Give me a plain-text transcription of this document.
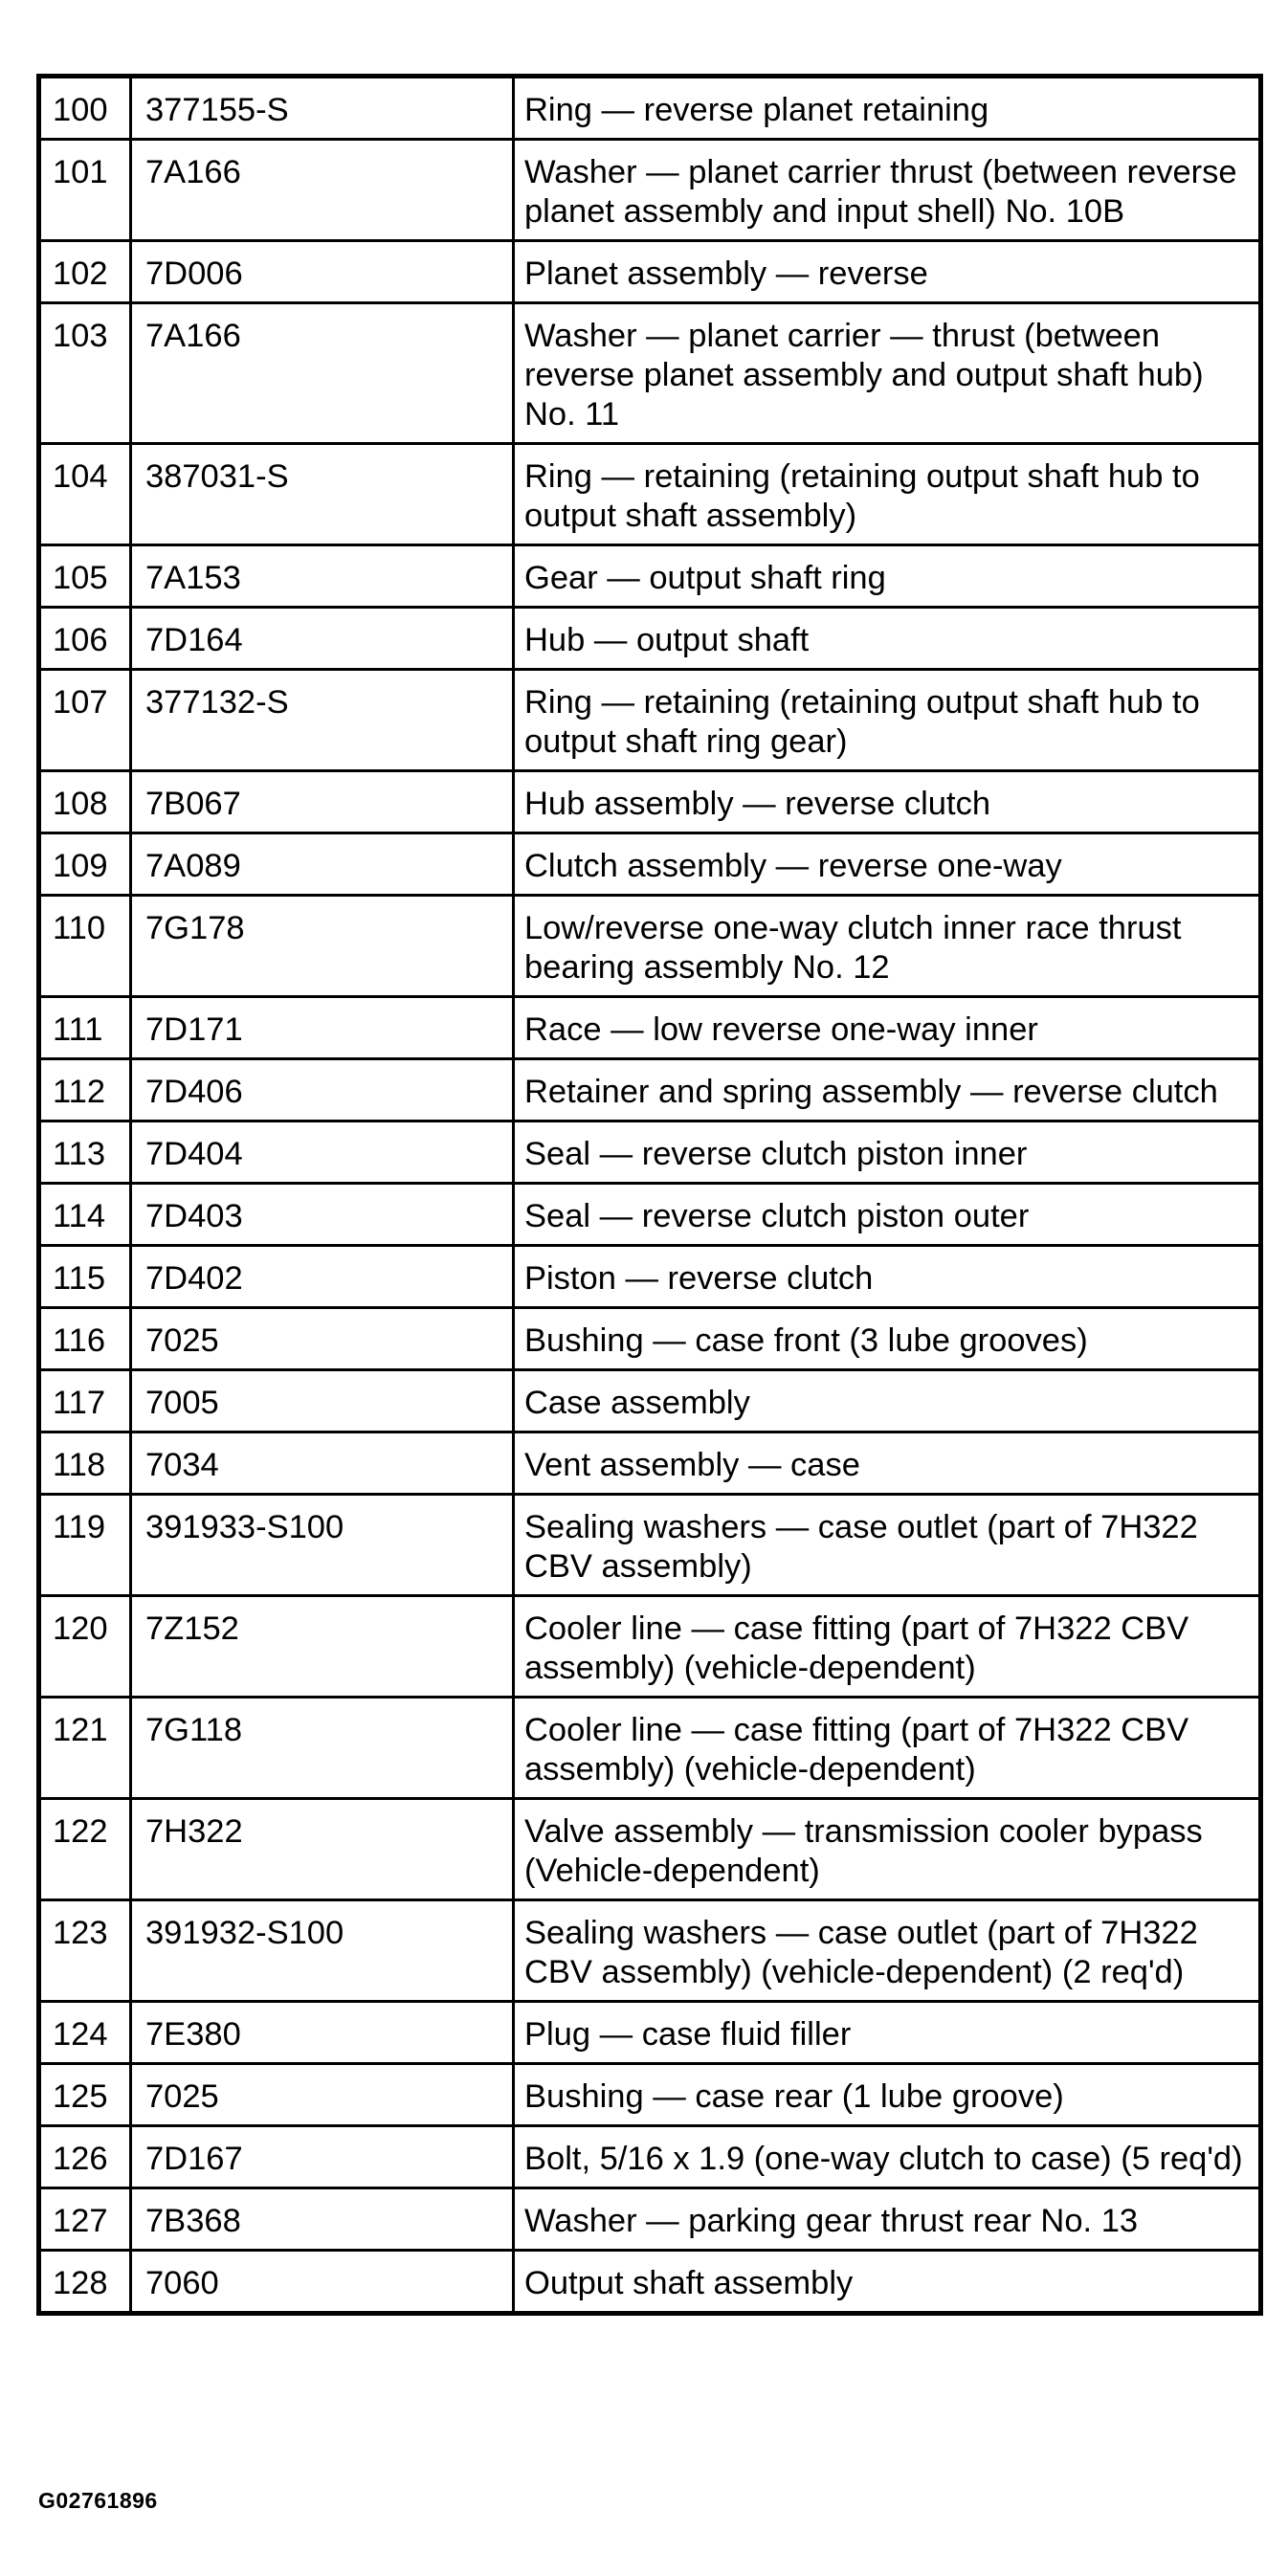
100	377155-S	Ring — reverse planet retaining
101	7A166	Washer — planet carrier thrust (between reverse planet assembly and input shell) No. 10B
102	7D006	Planet assembly — reverse
103	7A166	Washer — planet carrier — thrust (between reverse planet assembly and output shaft hub) No. 11
104	387031-S	Ring — retaining (retaining output shaft hub to output shaft assembly)
105	7A153	Gear — output shaft ring
106	7D164	Hub — output shaft
107	377132-S	Ring — retaining (retaining output shaft hub to output shaft ring gear)
108	7B067	Hub assembly — reverse clutch
109	7A089	Clutch assembly — reverse one-way
110	7G178	Low/reverse one-way clutch inner race thrust bearing assembly No. 12
111	7D171	Race — low reverse one-way inner
112	7D406	Retainer and spring assembly — reverse clutch
113	7D404	Seal — reverse clutch piston inner
114	7D403	Seal — reverse clutch piston outer
115	7D402	Piston — reverse clutch
116	7025	Bushing — case front (3 lube grooves)
117	7005	Case assembly
118	7034	Vent assembly — case
119	391933-S100	Sealing washers — case outlet (part of 7H322 CBV assembly)
120	7Z152	Cooler line — case fitting (part of 7H322 CBV assembly) (vehicle-dependent)
121	7G118	Cooler line — case fitting (part of 7H322 CBV assembly) (vehicle-dependent)
122	7H322	Valve assembly — transmission cooler bypass (Vehicle-dependent)
123	391932-S100	Sealing washers — case outlet (part of 7H322 CBV assembly) (vehicle-dependent) (2 req'd)
124	7E380	Plug — case fluid filler
125	7025	Bushing — case rear (1 lube groove)
126	7D167	Bolt, 5/16 x 1.9 (one-way clutch to case) (5 req'd)
127	7B368	Washer — parking gear thrust rear No. 13
128	7060	Output shaft assembly
G02761896
